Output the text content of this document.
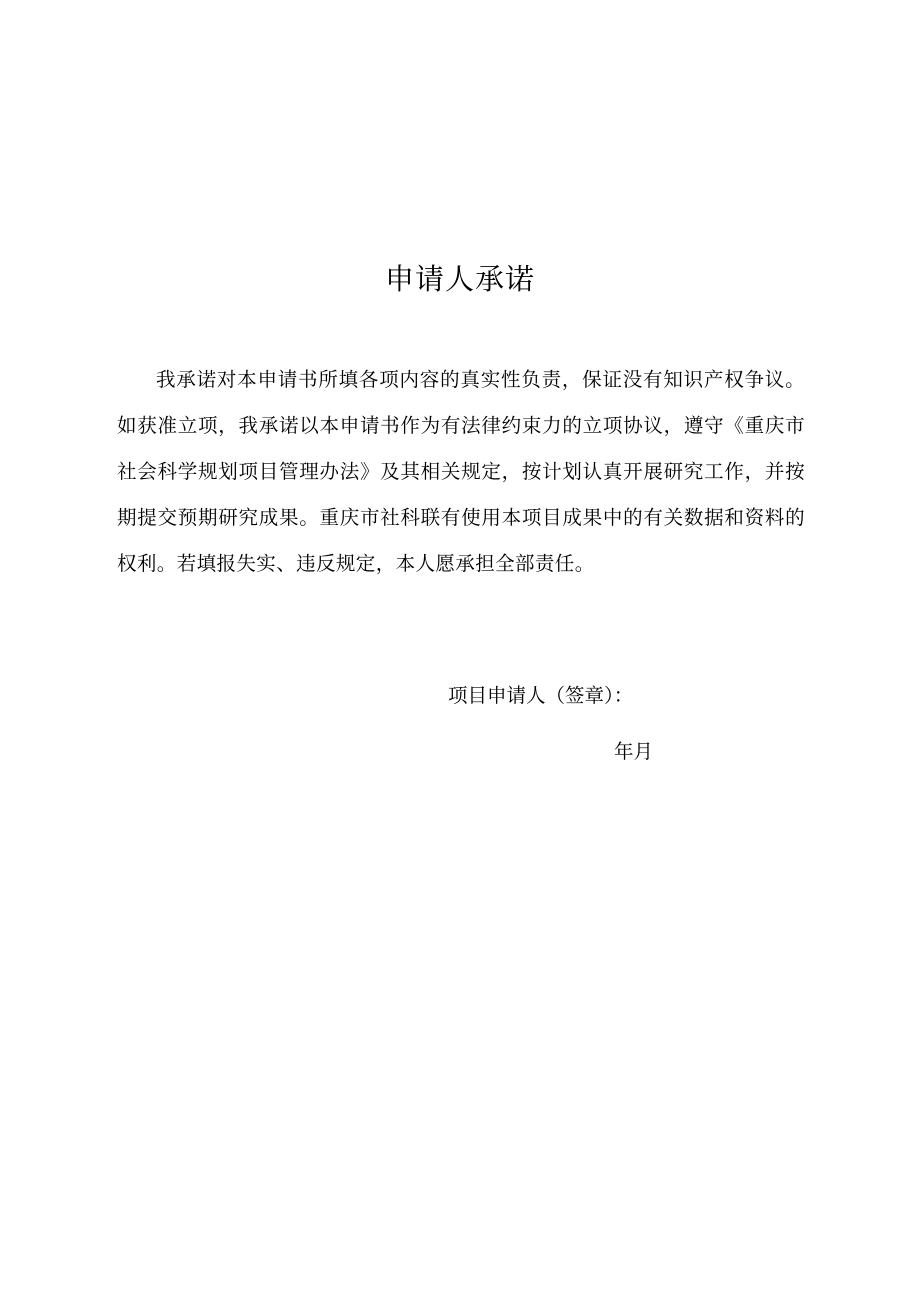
申请人承诺

我承诺对本申请书所填各项内容的真实性负责，保证没有知识产权争议。如获准立项，我承诺以本申请书作为有法律约束力的立项协议，遵守《重庆市社会科学规划项目管理办法》及其相关规定，按计划认真开展研究工作，并按期提交预期研究成果。重庆市社科联有使用本项目成果中的有关数据和资料的权利。若填报失实、违反规定，本人愿承担全部责任。

项目申请人（签章）：

年月
